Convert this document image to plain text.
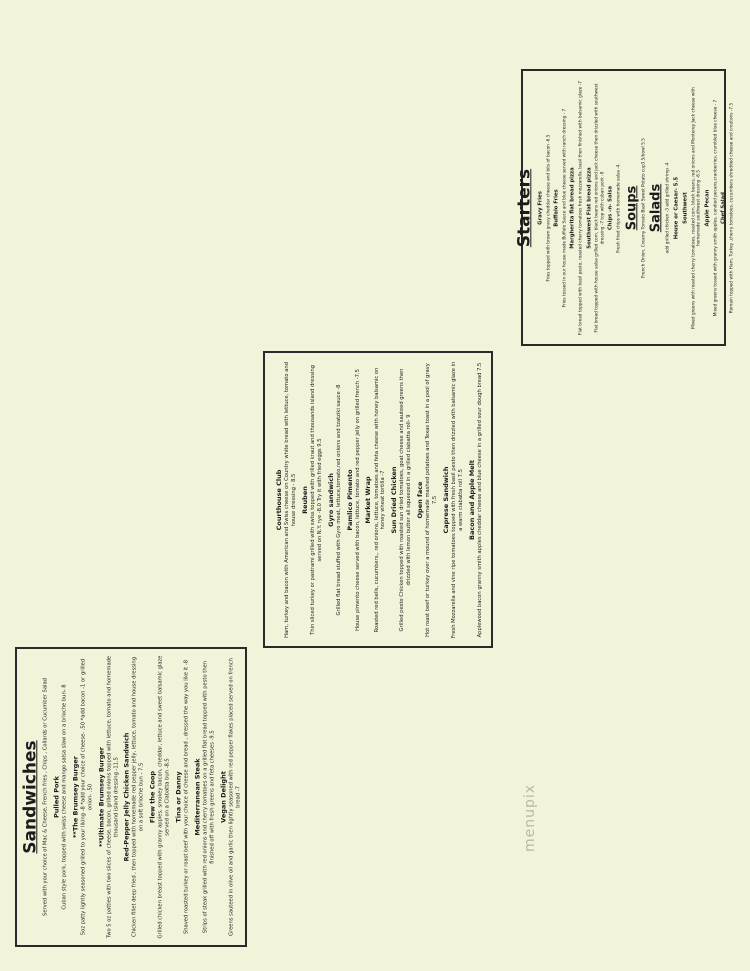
Sandwiches Served with your choice of Mac & Cheese, French fries , Chips , Collards or Cucumber Salad Pulled Pork Cuban style pork, topped with swiss cheese and mango salsa slaw on a brioche bun- 8 **The Brumsey Burger 5oz patty lightly seasoned grilled to your liking -8 *add your choice of cheese- .50 *add bacon -1 or grilled onion- .50 **Ultimate Brumsey Burger Two 5 oz patties with two slices of cheese, bacon, grilled onions topped with lettuce, tomato and homemade thousand island dressing -11.5 Red-Pepper Jelly Chicken Sandwich Chicken fillet deep fried , then topped with homemade red pepper jelly, lettuce, tomato and house dressing on a soft brioche bun - 7.5 Flew the Coop Grilled chicken breast topped with granny apples, smokey bacon, cheddar, lettuce and sweet balsamic glaze served on a Ciabatta bun -8.5 Tina or Danny Shaved roasted turkey or roast beef with your choice of cheese and bread , dressed the way you like it -8 Mediterranean Steak Strips of steak grilled with red onions and cherry tomatoes on a grilled flat bread topped with pesto then finished off with fresh greens and feta cheeses -9.5 Vegan Delight Greens sauteed in olive oil and garlic then lightly seasoned with red pepper flakes placed served on french bread -7
Courthouse Club Ham, turkey and bacon with American and Swiss cheese on Country white bread with lettuce, tomato and house dressing - 8.5 Reuben Thin sliced turkey or pastrami grilled with swiss topped with grilled kraut and thousands island dressing served on N.Y. rye -8.0 Try it with fried eggs 9.5 Gyro sandwich Grilled flat bread stuffed with Gyro meat, lettuce,tomato,red onions and tzatziki sauce -8 Pamlico Pimento House pimento cheese served with bacon, lettuce, tomato and red pepper jelly on grilled french -7.5 Market Wrap Roasted red bells, cucumbers,, red onions, lettuce, tomatoes and feta cheese with honey balsamic on honey wheat tortilla -7 Sun Dried Chicken Grilled pesto Chicken topped with roasted sun dried tomatoes, goat cheese and sauteed greens then drizzled with lemon butter all squeezed in a grilled ciabatta roll- 9 Open face Hot roast beef or turkey over a mound of homemade mashed potatoes and Texas toast in a pool of gravy 7.5 Caprese Sandwich Fresh Mozzarella and vine ripe tomatoes topped with fresh basil pesto then drizzled with balsamic glaze in a warm ciabatta roll 7.5 Bacon and Apple Melt Applewood bacon granny smith apples cheddar cheese and blue cheese in a grilled sour dough bread 7.5
Starters Gravy Fries Fries topped with brown gravy cheddar cheese and bits of bacon -6.5 Buffalo Fries Fries tossed in our house made Buffalo Sauce and blue cheese served with ranch dressing - 7 Margherita flat bread pizza Flat bread topped with basil pesto, roasted cherry tomatoes fresh mozzarella, basil then finished with balsamic glaze -7 Southwest Flat bread pizza Flat bread topped with house salsa grilled corn, black beans red onions and jack cheese then drizzled with southwest dressing -7 top with cuban pork -9 Chips -n- Salsa Fresh fried chips with homemade salsa -4. Soups French Onion, Creamy Tomato Basil Sweet Potato cup3.5/bowl 5.5 Salads add grilled chicken -3 add grilled shrimp -4 House or Caesar- 5.5 Southwest Mixed greens with roasted cherry tomatoes, roasted corn, black beans, red onions and Monterey Jack cheese with homemade southwest dressing -6.5 Apple Pecan Mixed greens tossed with granny smith apples, candied pecans,cranberries, crumbled blue cheese - 7 Chef Salad Romain topped with Ham, Turkey ,cherry tomatoes, cucumbers shredded cheese and croutons -7.5
menupix
